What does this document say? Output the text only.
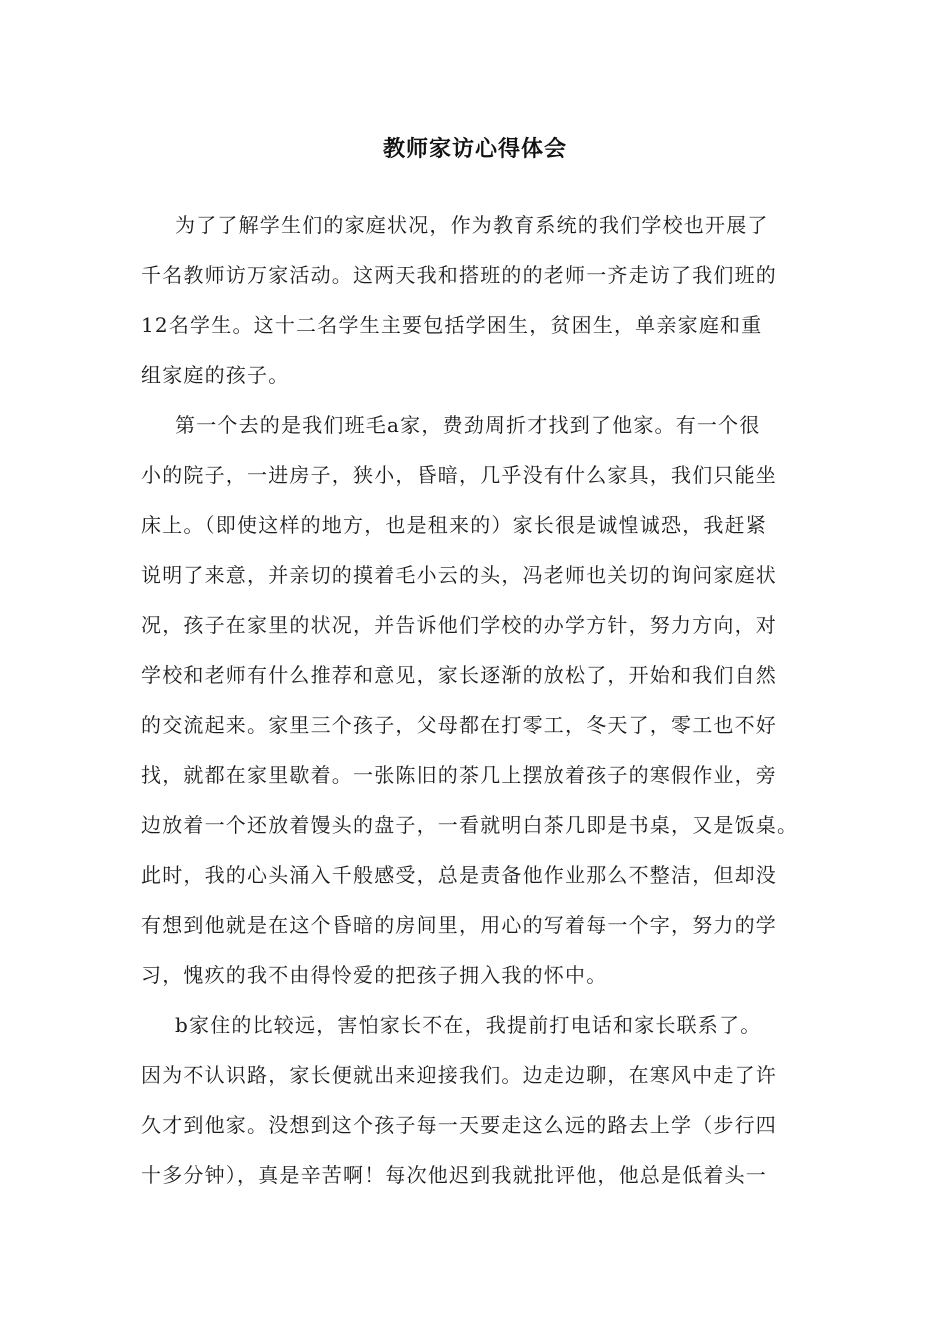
教师家访心得体会
为了了解学生们的家庭状况，作为教育系统的我们学校也开展了
千名教师访万家活动。这两天我和搭班的的老师一齐走访了我们班的
12名学生。这十二名学生主要包括学困生，贫困生，单亲家庭和重
组家庭的孩子。
第一个去的是我们班毛a家，费劲周折才找到了他家。有一个很
小的院子，一进房子，狭小，昏暗，几乎没有什么家具，我们只能坐
床上。（即使这样的地方，也是租来的）家长很是诚惶诚恐，我赶紧
说明了来意，并亲切的摸着毛小云的头，冯老师也关切的询问家庭状
况，孩子在家里的状况，并告诉他们学校的办学方针，努力方向，对
学校和老师有什么推荐和意见，家长逐渐的放松了，开始和我们自然
的交流起来。家里三个孩子，父母都在打零工，冬天了，零工也不好
找，就都在家里歇着。一张陈旧的茶几上摆放着孩子的寒假作业，旁
边放着一个还放着馒头的盘子，一看就明白茶几即是书桌，又是饭桌。
此时，我的心头涌入千般感受，总是责备他作业那么不整洁，但却没
有想到他就是在这个昏暗的房间里，用心的写着每一个字，努力的学
习，愧疚的我不由得怜爱的把孩子拥入我的怀中。
b家住的比较远，害怕家长不在，我提前打电话和家长联系了。
因为不认识路，家长便就出来迎接我们。边走边聊，在寒风中走了许
久才到他家。没想到这个孩子每一天要走这么远的路去上学（步行四
十多分钟），真是辛苦啊！每次他迟到我就批评他，他总是低着头一
